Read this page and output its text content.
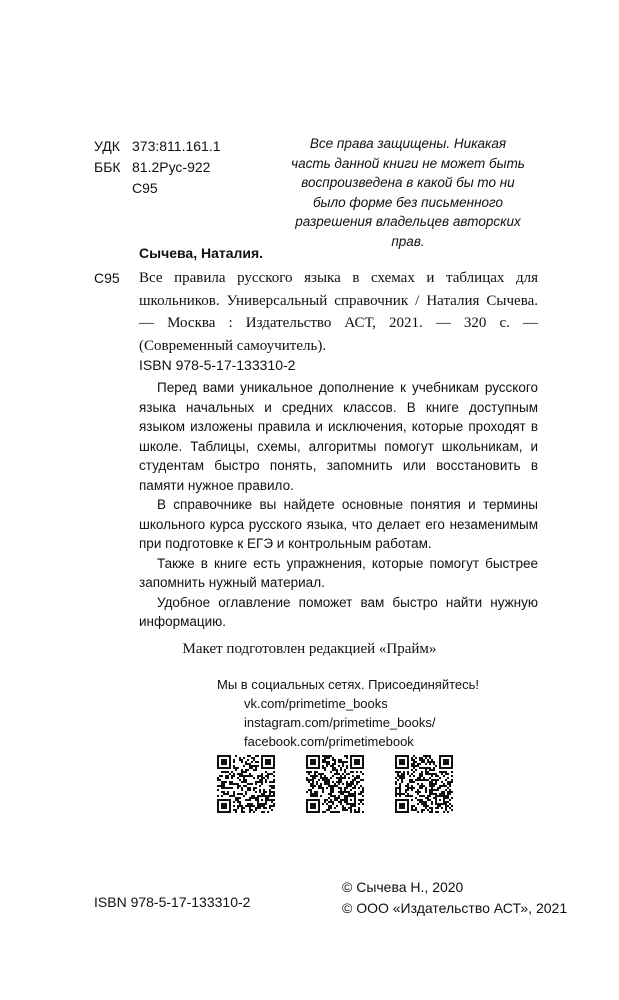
УДК 373:811.161.1
ББК 81.2Рус-922
С95
Все права защищены. Никакая часть данной книги не может быть воспроизведена в какой бы то ни было форме без письменного разрешения владельцев авторских прав.
Сычева, Наталия.
С95 Все правила русского языка в схемах и таблицах для школьников. Универсальный справочник / Наталия Сычева. — Москва : Издательство АСТ, 2021. — 320 с. — (Современный самоучитель).

ISBN 978-5-17-133310-2

Перед вами уникальное дополнение к учебникам русского языка начальных и средних классов. В книге доступным языком изложены правила и исключения, которые проходят в школе. Таблицы, схемы, алгоритмы помогут школьникам, и студентам быстро понять, запомнить или восстановить в памяти нужное правило.

В справочнике вы найдете основные понятия и термины школьного курса русского языка, что делает его незаменимым при подготовке к ЕГЭ и контрольным работам.

Также в книге есть упражнения, которые помогут быстрее запомнить нужный материал.

Удобное оглавление поможет вам быстро найти нужную информацию.

Макет подготовлен редакцией «Прайм»
Мы в социальных сетях. Присоединяйтесь!
vk.com/primetime_books
instagram.com/primetime_books/
facebook.com/primetimebook
ISBN 978-5-17-133310-2
© Сычева Н., 2020
© ООО «Издательство АСТ», 2021
